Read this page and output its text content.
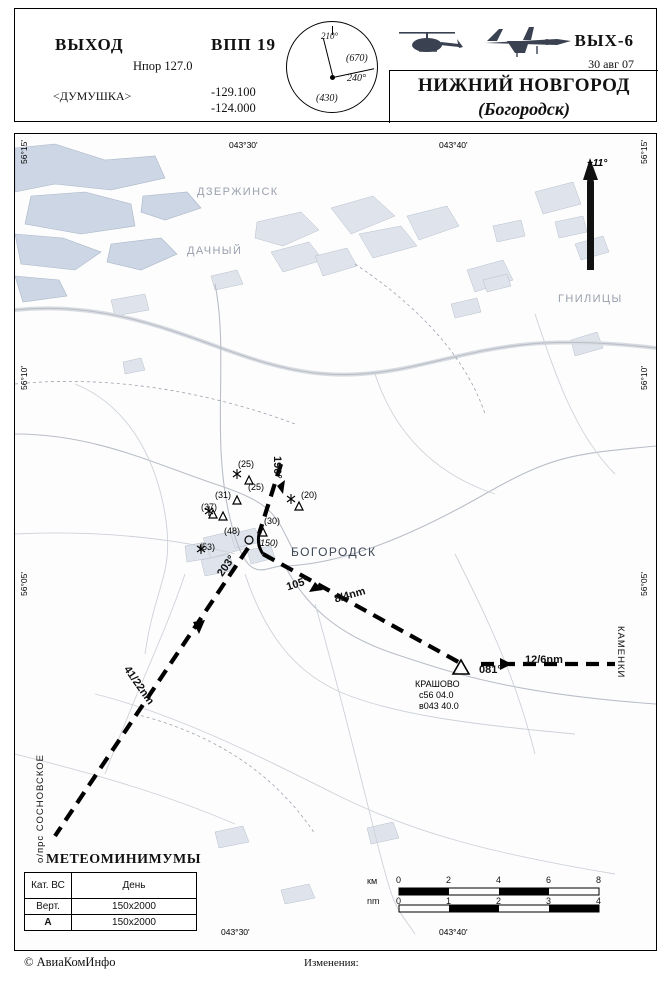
ВЫХОД	ВПП 19
Нпор 127.0
<ДУМУШКА>	-129.100
-124.000
ВЫХ-6
30 авг 07
НИЖНИЙ НОВГОРОД
(Богородск)
210°
(670)
240°
(430)
043°30'	043°40'
043°30'	043°40'
56°15'
56°10'
56°05'
56°15'
56°10'
56°05'
+11°
ДЗЕРЖИНСК
ДАЧНЫЙ
ГНИЛИЦЫ
БОГОРОДСК
(25)
(25)
(31)
(37)
(20)
(30)
(48)
(150)
(53)
190°
203°
105°
081°
41/22nm
8/4nm
12/6nm
КРАШОВО
с56 04.0
в043 40.0
о/прс СОСНОВСКОЕ
КАМЕНКИ
км
nm
0	2	4	6	8
0	1	2	3	4
МЕТЕОМИНИМУМЫ
Кат. ВС	День
Верт.	150x2000
A	150x2000
© АвиаКомИнфо	Изменения:
